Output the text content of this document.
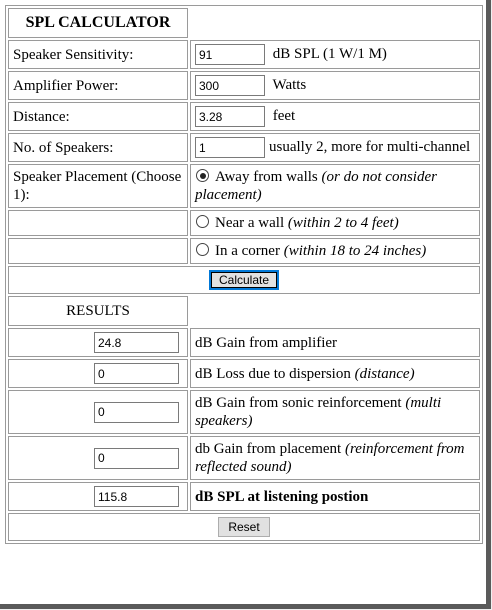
SPL CALCULATOR	
Speaker Sensitivity:	91dB SPL (1 W/1 M)
Amplifier Power:	300Watts
Distance:	3.28feet
No. of Speakers:	1usually 2, more for multi-channel
Speaker Placement (Choose 1):	Away from walls (or do not consider placement)
	Near a wall (within 2 to 4 feet)
	In a corner (within 18 to 24 inches)
Calculate	
RESULTS	
24.8	dB Gain from amplifier
0	dB Loss due to dispersion (distance)
0	dB Gain from sonic reinforcement (multi speakers)
0	db Gain from placement (reinforcement from reflected sound)
115.8	dB SPL at listening postion
Reset	
